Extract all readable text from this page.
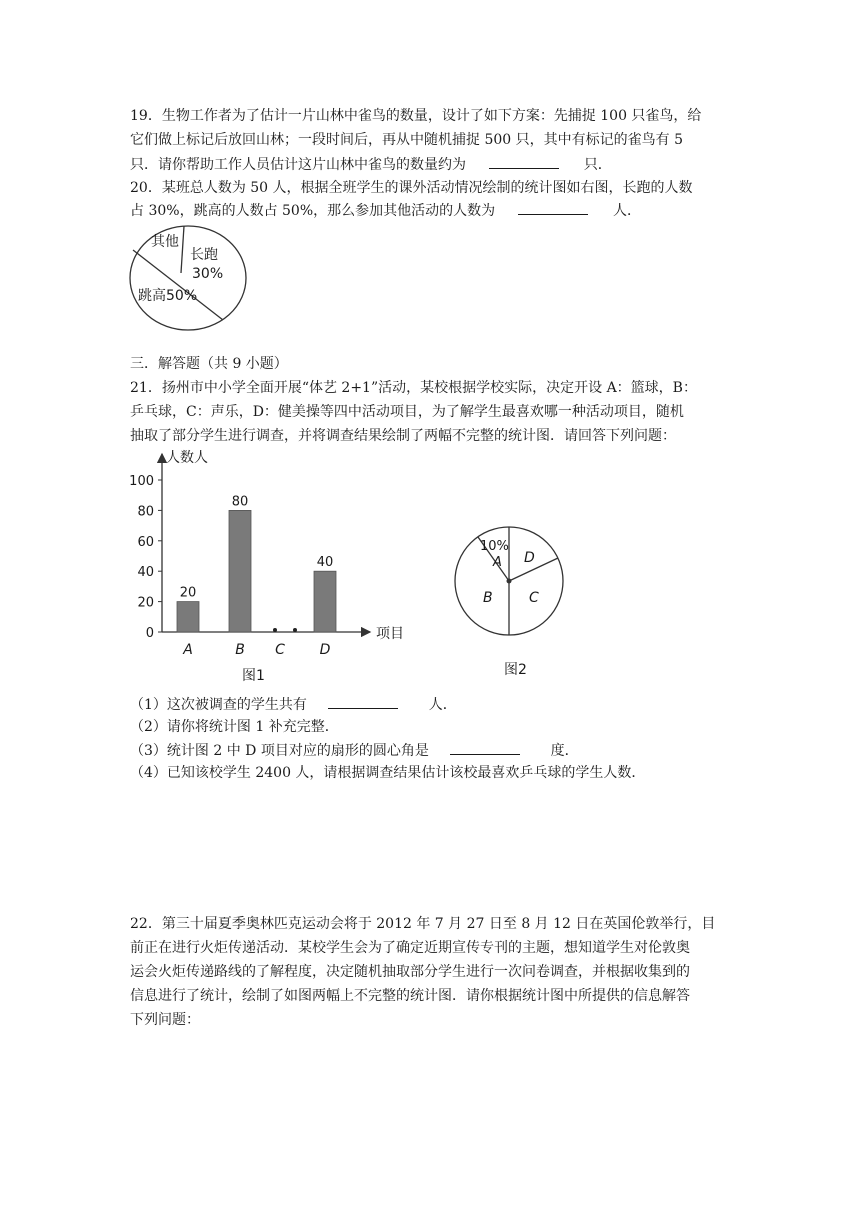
19．生物工作者为了估计一片山林中雀鸟的数量，设计了如下方案：先捕捉 100 只雀鸟，给
它们做上标记后放回山林；一段时间后，再从中随机捕捉 500 只，其中有标记的雀鸟有 5
只．请你帮助工作人员估计这片山林中雀鸟的数量约为	只．
20．某班总人数为 50 人，根据全班学生的课外活动情况绘制的统计图如右图，长跑的人数
占 30%，跳高的人数占 50%，那么参加其他活动的人数为	人．
其他
长跑
30%
跳高50%
三．解答题（共 9 小题）
21．扬州市中小学全面开展“体艺 2+1”活动，某校根据学校实际，决定开设 A：篮球，B：
乒乓球，C：声乐，D：健美操等四中活动项目，为了解学生最喜欢哪一种活动项目，随机
抽取了部分学生进行调查，并将调查结果绘制了两幅不完整的统计图．请回答下列问题：
0
20
40
60
80
100
人数人
项目
20
A
80
B C
40
D
图1
10%
A D
B	C
图2
（1）这次被调查的学生共有	人．
（2）请你将统计图 1 补充完整．
（3）统计图 2 中 D 项目对应的扇形的圆心角是	度．
（4）已知该校学生 2400 人，请根据调查结果估计该校最喜欢乒乓球的学生人数．
22．第三十届夏季奥林匹克运动会将于 2012 年 7 月 27 日至 8 月 12 日在英国伦敦举行，目
前正在进行火炬传递活动．某校学生会为了确定近期宣传专刊的主题，想知道学生对伦敦奥
运会火炬传递路线的了解程度，决定随机抽取部分学生进行一次问卷调查，并根据收集到的
信息进行了统计，绘制了如图两幅上不完整的统计图．请你根据统计图中所提供的信息解答
下列问题：
